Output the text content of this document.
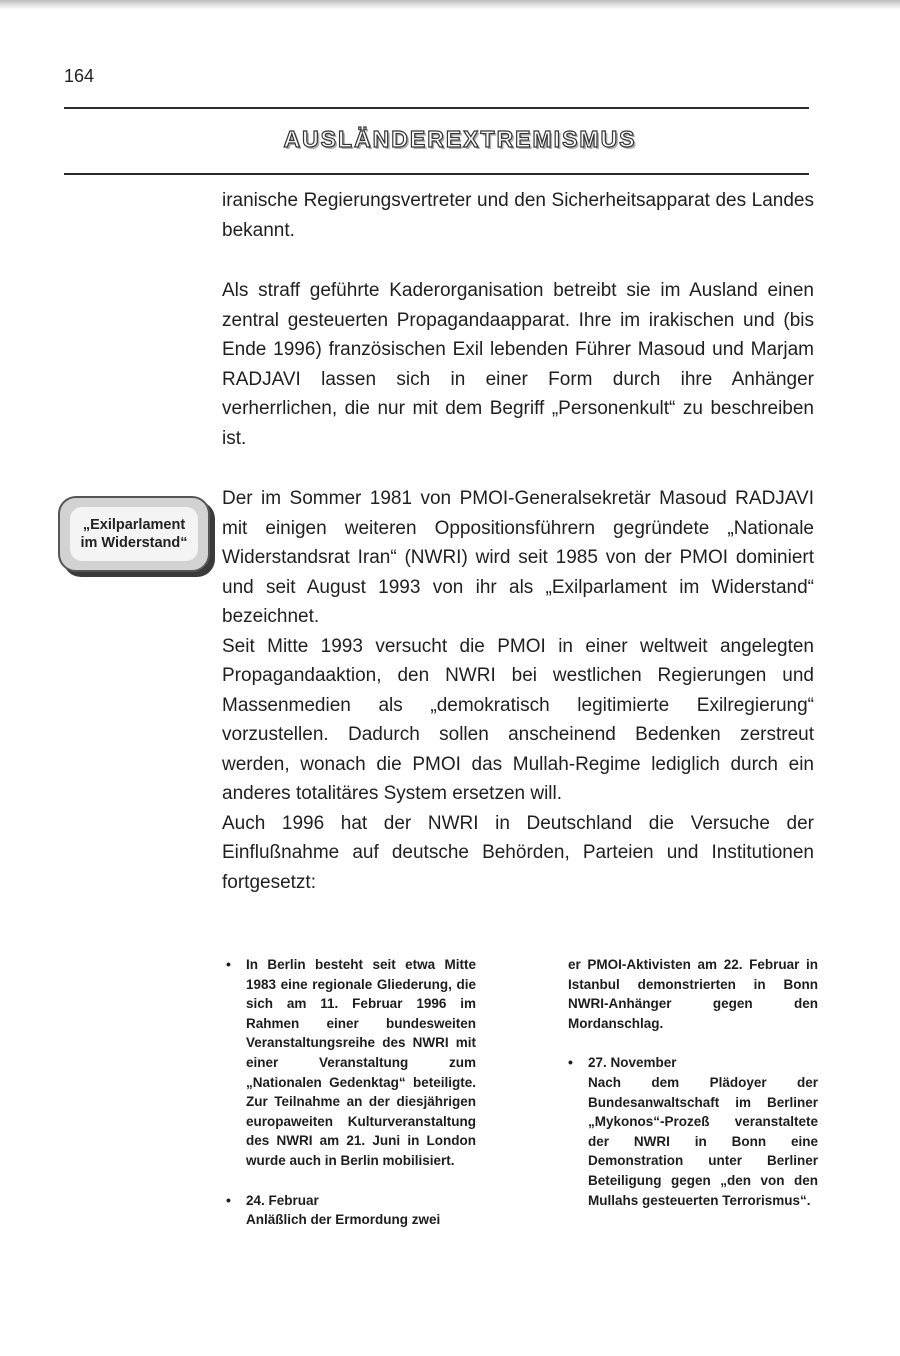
164
AUSLÄNDEREXTREMISMUS

iranische Regierungsvertreter und den Sicherheitsapparat des Landes bekannt.

Als straff geführte Kaderorganisation betreibt sie im Ausland einen zentral gesteuerten Propagandaapparat. Ihre im irakischen und (bis Ende 1996) französischen Exil lebenden Führer Masoud und Marjam RADJAVI lassen sich in einer Form durch ihre Anhänger verherrlichen, die nur mit dem Begriff „Personenkult“ zu beschreiben ist.

„Exilparlament
im Widerstand“

Der im Sommer 1981 von PMOI-Generalsekretär Masoud RADJAVI mit einigen weiteren Oppositionsführern gegründete „Nationale Widerstandsrat Iran“ (NWRI) wird seit 1985 von der PMOI dominiert und seit August 1993 von ihr als „Exilparlament im Widerstand“ bezeichnet.

Seit Mitte 1993 versucht die PMOI in einer weltweit angelegten Propagandaaktion, den NWRI bei westlichen Regierungen und Massenmedien als „demokratisch legitimierte Exilregierung“ vorzustellen. Dadurch sollen anscheinend Bedenken zerstreut werden, wonach die PMOI das Mullah-Regime lediglich durch ein anderes totalitäres System ersetzen will.

Auch 1996 hat der NWRI in Deutschland die Versuche der Einflußnahme auf deutsche Behörden, Parteien und Institutionen fortgesetzt:

• In Berlin besteht seit etwa Mitte 1983 eine regionale Gliederung, die sich am 11. Februar 1996 im Rahmen einer bundesweiten Veranstaltungsreihe des NWRI mit einer Veranstaltung zum „Nationalen Gedenktag“ beteiligte. Zur Teilnahme an der diesjährigen europaweiten Kulturveranstaltung des NWRI am 21. Juni in London wurde auch in Berlin mobilisiert.
• 24. Februar
Anläßlich der Ermordung zwei
er PMOI-Aktivisten am 22. Februar in Istanbul demonstrierten in Bonn NWRI-Anhänger gegen den Mordanschlag.
• 27. November
Nach dem Plädoyer der Bundesanwaltschaft im Berliner „Mykonos“-Prozeß veranstaltete der NWRI in Bonn eine Demonstration unter Berliner Beteiligung gegen „den von den Mullahs gesteuerten Terrorismus“.
